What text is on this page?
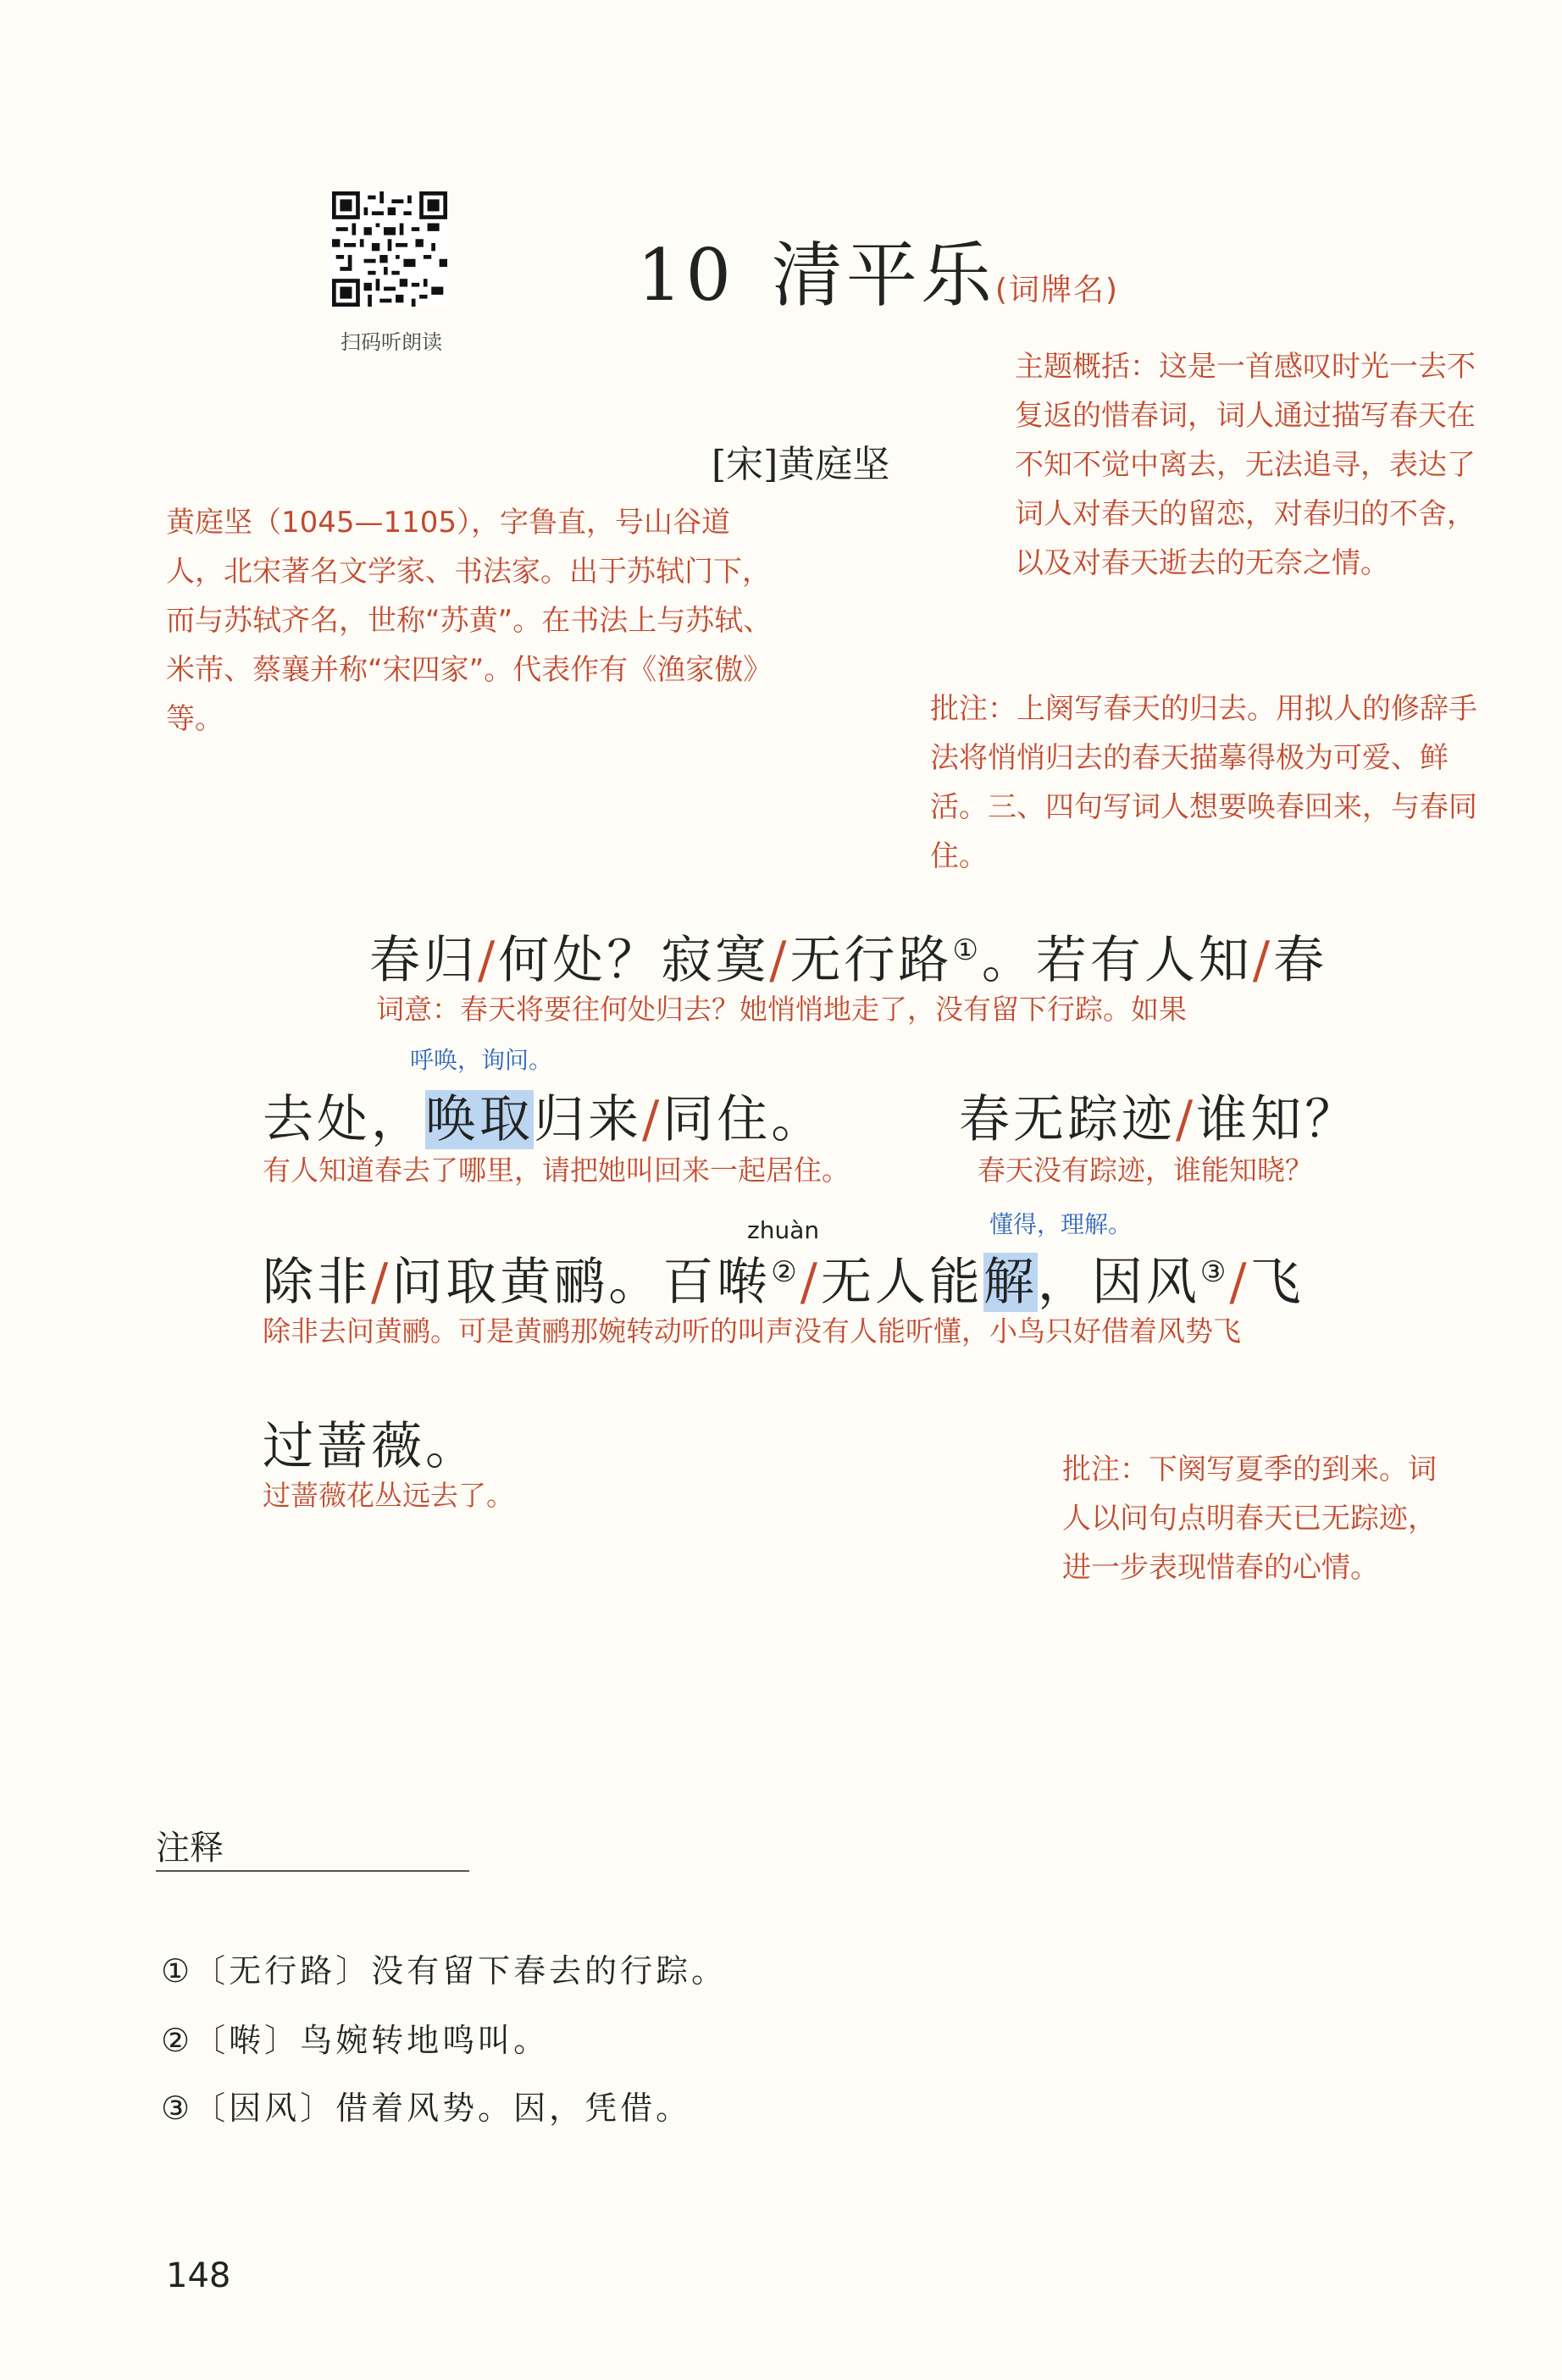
扫码听朗读
10 清平乐(词牌名)
[宋]黄庭坚
黄庭坚（1045—1105），字鲁直，号山谷道人，北宋著名文学家、书法家。出于苏轼门下，而与苏轼齐名，世称“苏黄”。在书法上与苏轼、米芾、蔡襄并称“宋四家”。代表作有《渔家傲》等。
主题概括：这是一首感叹时光一去不复返的惜春词，词人通过描写春天在不知不觉中离去，无法追寻，表达了词人对春天的留恋，对春归的不舍，以及对春天逝去的无奈之情。
批注：上阕写春天的归去。用拟人的修辞手法将悄悄归去的春天描摹得极为可爱、鲜活。三、四句写词人想要唤春回来，与春同住。
批注：下阕写夏季的到来。词人以问句点明春天已无踪迹，进一步表现惜春的心情。
春归/何处？寂寞/无行路①。若有人知/春
词意：春天将要往何处归去？她悄悄地走了，没有留下行踪。如果
呼唤，询问。
去处，唤取归来/同住。	春无踪迹/谁知？
有人知道春去了哪里，请把她叫回来一起居住。	春天没有踪迹，谁能知晓？
zhuàn	懂得，理解。
除非/问取黄鹂。百啭②/无人能解，因风③/飞
除非去问黄鹂。可是黄鹂那婉转动听的叫声没有人能听懂，小鸟只好借着风势飞
过蔷薇。
过蔷薇花丛远去了。
注释
①〔无行路〕没有留下春去的行踪。
②〔啭〕鸟婉转地鸣叫。
③〔因风〕借着风势。因，凭借。
148
